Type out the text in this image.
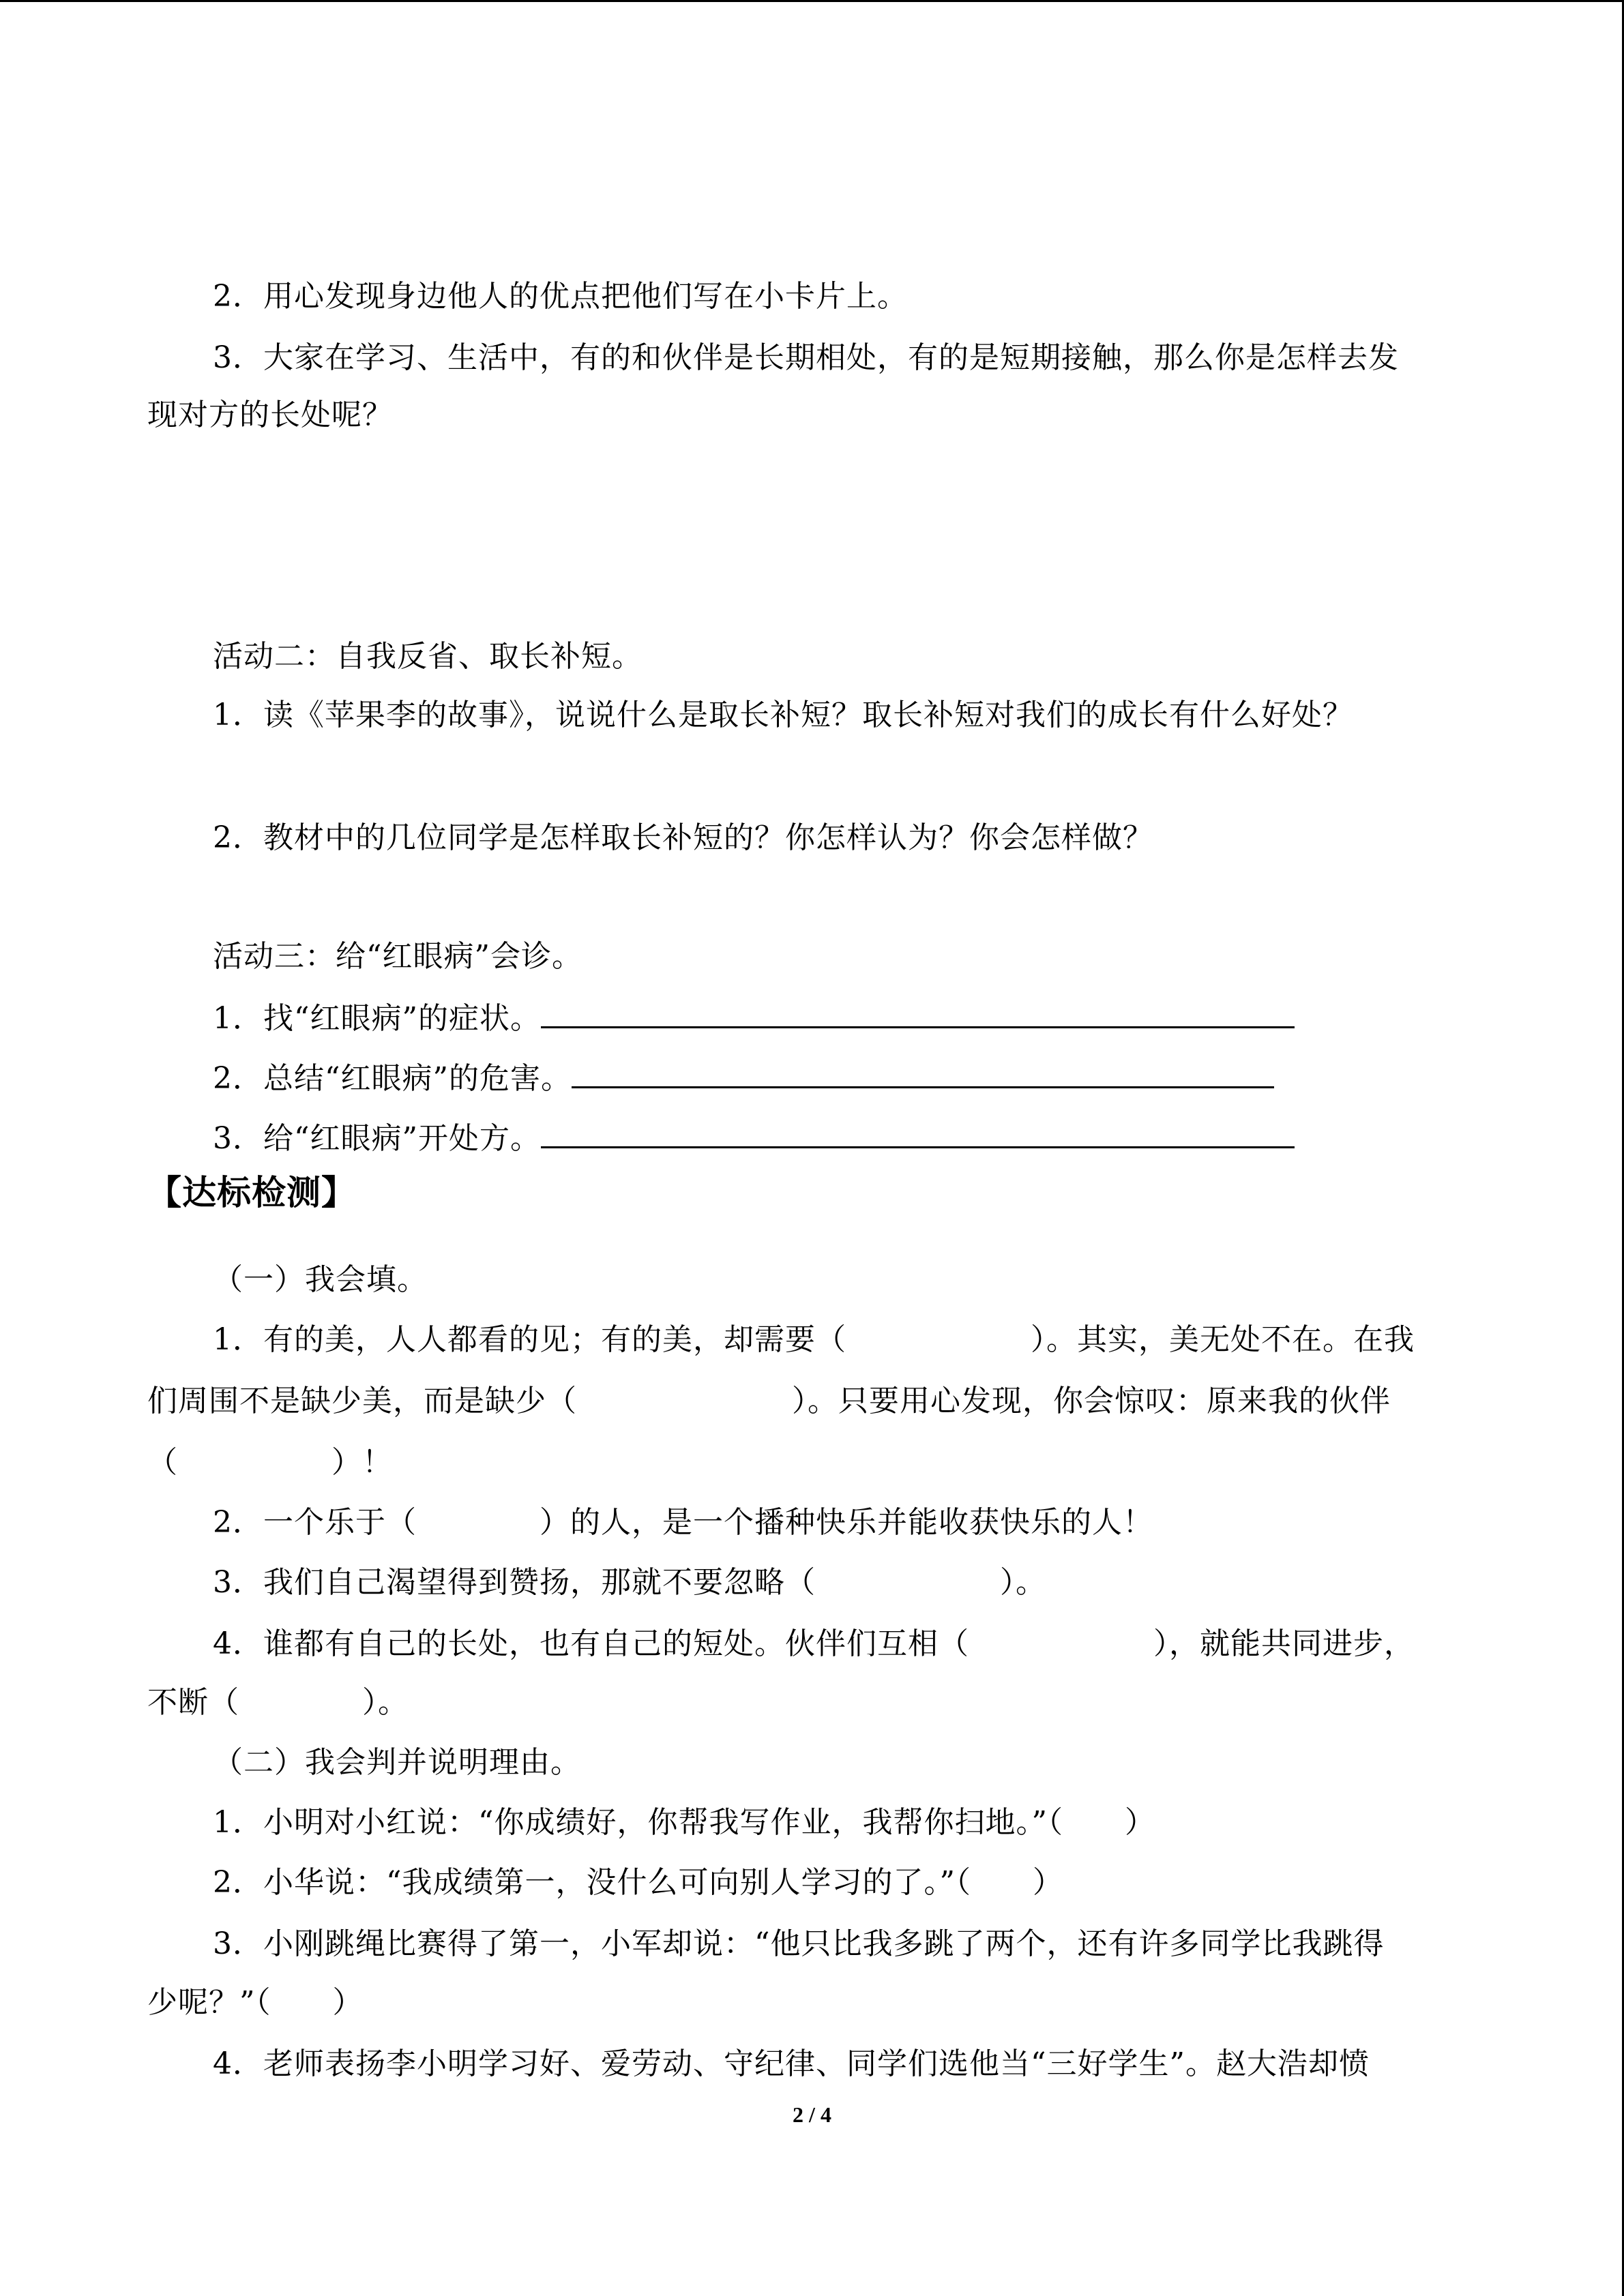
2．用心发现身边他人的优点把他们写在小卡片上。
3．大家在学习、生活中，有的和伙伴是长期相处，有的是短期接触，那么你是怎样去发
现对方的长处呢？
活动二：自我反省、取长补短。
1．读《苹果李的故事》，说说什么是取长补短？取长补短对我们的成长有什么好处？
2．教材中的几位同学是怎样取长补短的？你怎样认为？你会怎样做？
活动三：给“红眼病”会诊。
1．找“红眼病”的症状。
2．总结“红眼病”的危害。
3．给“红眼病”开处方。
【达标检测】
（一）我会填。
1．有的美，人人都看的见；有的美，却需要（　　　　　　）。其实，美无处不在。在我
们周围不是缺少美，而是缺少（　　　　　　　）。只要用心发现，你会惊叹：原来我的伙伴
（　　　　　）！
2．一个乐于（　　　　）的人，是一个播种快乐并能收获快乐的人！
3．我们自己渴望得到赞扬，那就不要忽略（　　　　　　）。
4．谁都有自己的长处，也有自己的短处。伙伴们互相（　　　　　　），就能共同进步，
不断（　　　　）。
（二）我会判并说明理由。
1．小明对小红说：“你成绩好，你帮我写作业，我帮你扫地。”（　　）
2．小华说：“我成绩第一，没什么可向别人学习的了。”（　　）
3．小刚跳绳比赛得了第一，小军却说：“他只比我多跳了两个，还有许多同学比我跳得
少呢？”（　　）
4．老师表扬李小明学习好、爱劳动、守纪律、同学们选他当“三好学生”。赵大浩却愤
2 / 4
